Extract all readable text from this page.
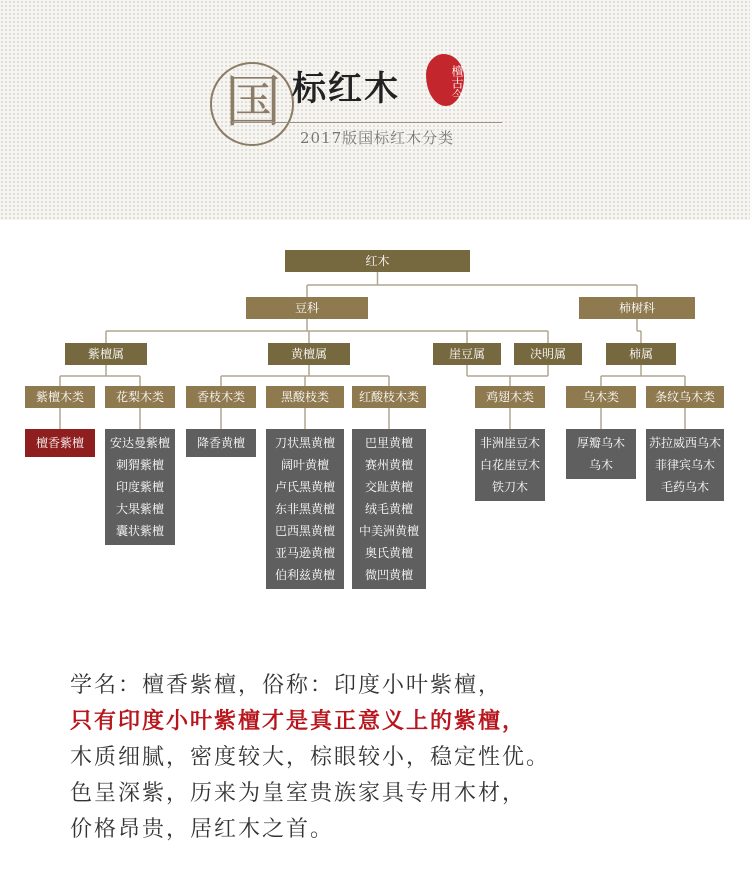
国 标红木	檀古今
2017版国标红木分类
红木
豆科	柿树科
紫檀属	黄檀属	崖豆属	决明属	柿属
紫檀木类	花梨木类	香枝木类	黑酸枝类 红酸枝木类	鸡翅木类	乌木类	条纹乌木类
檀香紫檀 安达曼紫檀
刺猬紫檀
印度紫檀
大果紫檀
囊状紫檀
降香黄檀 刀状黑黄檀
阔叶黄檀
卢氏黑黄檀
东非黑黄檀
巴西黑黄檀
亚马逊黄檀
伯利兹黄檀
巴里黄檀
赛州黄檀
交趾黄檀
绒毛黄檀
中美洲黄檀
奥氏黄檀
微凹黄檀
非洲崖豆木
白花崖豆木
铁刀木
厚瓣乌木
乌木
苏拉威西乌木
菲律宾乌木
毛药乌木
学名：檀香紫檀，俗称：印度小叶紫檀，
只有印度小叶紫檀才是真正意义上的紫檀，
木质细腻，密度较大，棕眼较小，稳定性优。
色呈深紫，历来为皇室贵族家具专用木材，
价格昂贵，居红木之首。
